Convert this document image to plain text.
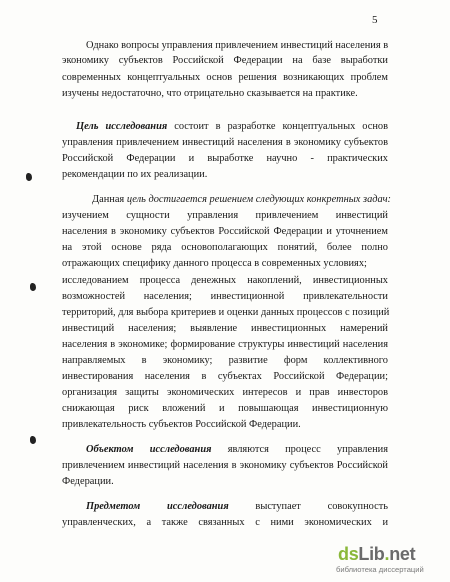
5
Однако вопросы управления привлечением инвестиций населения в
экономику субъектов Российской Федерации на базе выработки
современных концептуальных основ решения возникающих проблем
изучены недостаточно, что отрицательно сказывается на практике.
Цель исследования состоит в разработке концептуальных основ
управления привлечением инвестиций населения в экономику субъектов
Российской Федерации и выработке научно - практических
рекомендации по их реализации.
Данная цель достигается решением следующих конкретных задач:
изучением сущности управления привлечением инвестиций
населения в экономику субъектов Российской Федерации и уточнением
на этой основе ряда основополагающих понятий, более полно
отражающих специфику данного процесса в современных условиях;
исследованием процесса денежных накоплений, инвестиционных
возможностей населения; инвестиционной привлекательности
территорий, для выбора критериев и оценки данных процессов с позиций
инвестиций населения; выявление инвестиционных намерений
населения в экономике; формирование структуры инвестиций населения
направляемых в экономику; развитие форм коллективного
инвестирования населения в субъектах Российской Федерации;
организация защиты экономических интересов и прав инвесторов
снижающая риск вложений и повышающая инвестиционную
привлекательность субъектов Российской Федерации.
Объектом исследования являются процесс управления
привлечением инвестиций населения в экономику субъектов Российской
Федерации.
Предметом исследования выступает совокупность
управленческих, а также связанных с ними экономических и
dsLib.net
библиотека диссертаций
